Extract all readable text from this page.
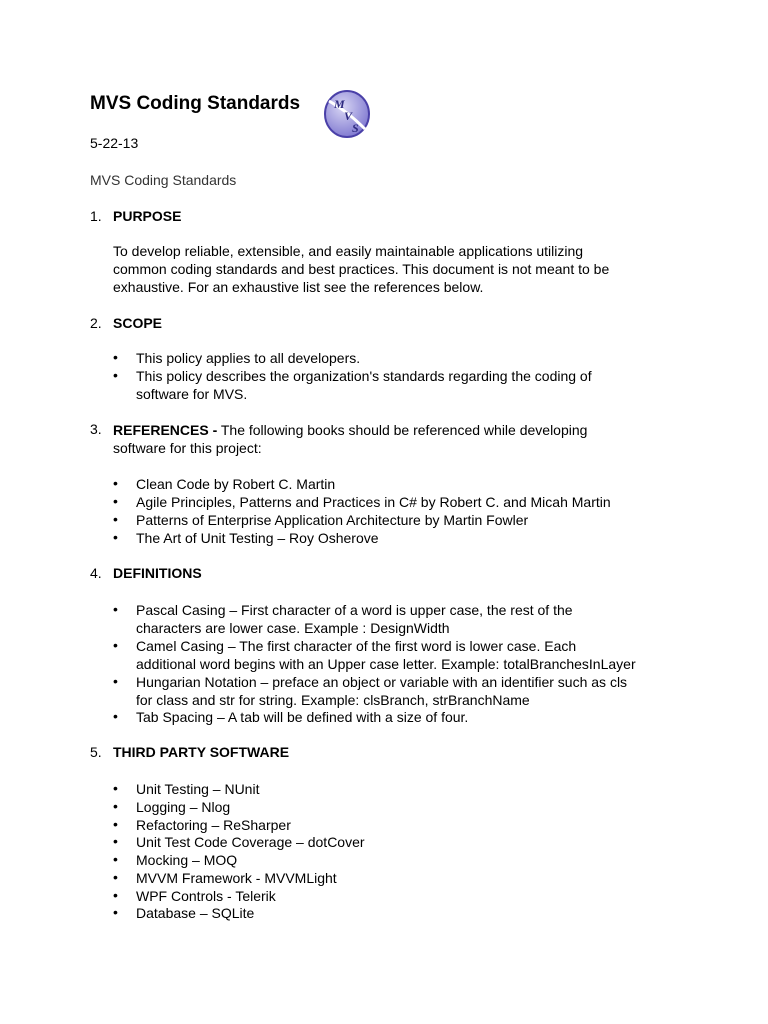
MVS Coding Standards	M
V
S
5-22-13
MVS Coding Standards
1. PURPOSE
To develop reliable, extensible, and easily maintainable applications utilizing
common coding standards and best practices. This document is not meant to be
exhaustive. For an exhaustive list see the references below.
2. SCOPE
• This policy applies to all developers.
• This policy describes the organization's standards regarding the coding of
software for MVS.
3. REFERENCES - The following books should be referenced while developing
software for this project:
• Clean Code by Robert C. Martin
• Agile Principles, Patterns and Practices in C# by Robert C. and Micah Martin
• Patterns of Enterprise Application Architecture by Martin Fowler
• The Art of Unit Testing – Roy Osherove
4. DEFINITIONS
• Pascal Casing – First character of a word is upper case, the rest of the
characters are lower case. Example : DesignWidth
• Camel Casing – The first character of the first word is lower case. Each
additional word begins with an Upper case letter. Example: totalBranchesInLayer
• Hungarian Notation – preface an object or variable with an identifier such as cls
for class and str for string. Example: clsBranch, strBranchName
• Tab Spacing – A tab will be defined with a size of four.
5. THIRD PARTY SOFTWARE
• Unit Testing – NUnit
• Logging – Nlog
• Refactoring – ReSharper
• Unit Test Code Coverage – dotCover
• Mocking – MOQ
• MVVM Framework - MVVMLight
• WPF Controls - Telerik
• Database – SQLite
